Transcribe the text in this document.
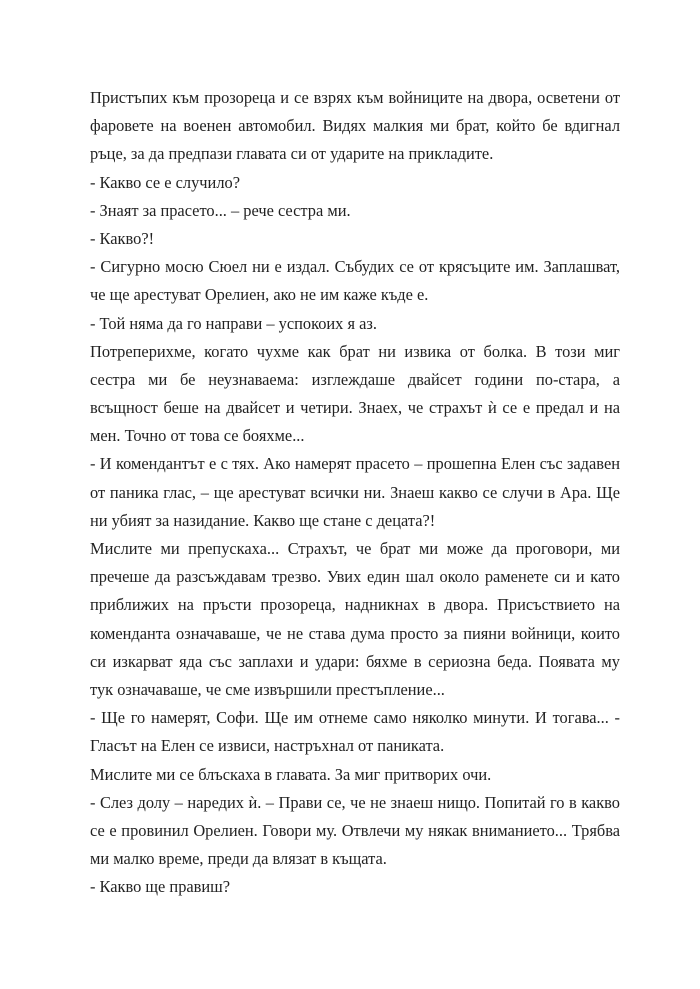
Пристъпих към прозореца и се взрях към войниците на двора, осветени от
фаровете на военен автомобил. Видях малкия ми брат, който бе вдигнал
ръце, за да предпази главата си от ударите на прикладите.
- Какво се е случило?
- Знаят за прасето... – рече сестра ми.
- Какво?!
- Сигурно мосю Сюел ни е издал. Събудих се от крясъците им. Заплашват,
че ще арестуват Орелиен, ако не им каже къде е.
- Той няма да го направи – успокоих я аз.
Потреперихме, когато чухме как брат ни извика от болка. В този миг
сестра ми бе неузнаваема: изглеждаше двайсет години по-стара, а
всъщност беше на двайсет и четири. Знаех, че страхът ѝ се е предал и на
мен. Точно от това се бояхме...
- И комендантът е с тях. Ако намерят прасето – прошепна Елен със задавен
от паника глас, – ще арестуват всички ни. Знаеш какво се случи в Ара. Ще
ни убият за назидание. Какво ще стане с децата?!
Мислите ми препускаха... Страхът, че брат ми може да проговори, ми
пречеше да разсъждавам трезво. Увих един шал около раменете си и като
приближих на пръсти прозореца, надникнах в двора. Присъствието на
коменданта означаваше, че не става дума просто за пияни войници, които
си изкарват яда със заплахи и удари: бяхме в сериозна беда. Появата му
тук означаваше, че сме извършили престъпление...
- Ще го намерят, Софи. Ще им отнеме само няколко минути. И тогава... -
Гласът на Елен се извиси, настръхнал от паниката.
Мислите ми се блъскаха в главата. За миг притворих очи.
- Слез долу – наредих ѝ. – Прави се, че не знаеш нищо. Попитай го в какво
се е провинил Орелиен. Говори му. Отвлечи му някак вниманието... Трябва
ми малко време, преди да влязат в къщата.
- Какво ще правиш?
